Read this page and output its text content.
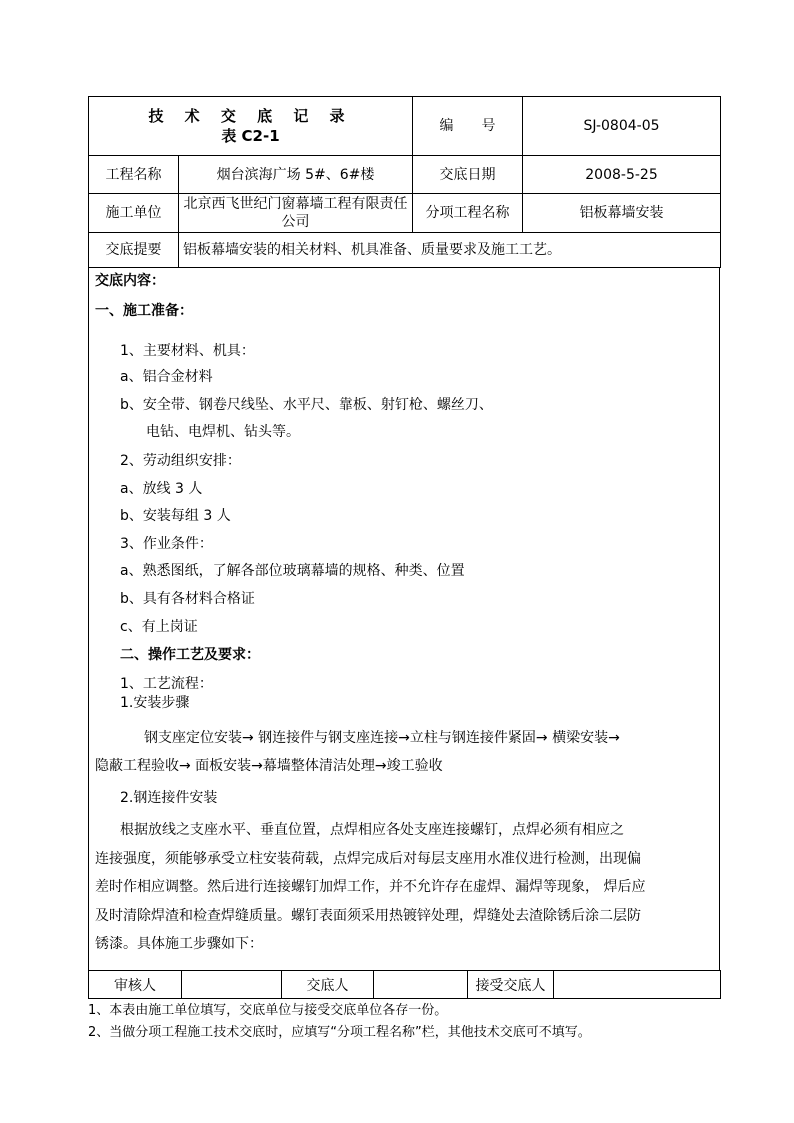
技 术 交 底 记 录
表 C2-1		编　　号	SJ-0804-05
工程名称	烟台滨海广场 5#、6#楼	交底日期	2008-5-25
施工单位	北京西飞世纪门窗幕墙工程有限责任公司	分项工程名称	铝板幕墙安装
交底提要	铝板幕墙安装的相关材料、机具准备、质量要求及施工工艺。		
交底内容：
一、施工准备：
1、主要材料、机具：
a、铝合金材料
b、安全带、钢卷尺线坠、水平尺、靠板、射钉枪、螺丝刀、
电钻、电焊机、钻头等。
2、劳动组织安排：
a、放线 3 人
b、安装每组 3 人
3、作业条件：
a、熟悉图纸，了解各部位玻璃幕墙的规格、种类、位置
b、具有各材料合格证
c、有上岗证
二、操作工艺及要求：
1、工艺流程：
1.安装步骤
钢支座定位安装→ 钢连接件与钢支座连接→立柱与钢连接件紧固→ 横梁安装→
隐蔽工程验收→ 面板安装→幕墙整体清洁处理→竣工验收
2.钢连接件安装
根据放线之支座水平、垂直位置，点焊相应各处支座连接螺钉，点焊必须有相应之
连接强度，须能够承受立柱安装荷载，点焊完成后对每层支座用水准仪进行检测，出现偏
差时作相应调整。然后进行连接螺钉加焊工作，并不允许存在虚焊、漏焊等现象， 焊后应
及时清除焊渣和检查焊缝质量。螺钉表面须采用热镀锌处理，焊缝处去渣除锈后涂二层防
锈漆。具体施工步骤如下：
审核人		交底人		接受交底人	
1、本表由施工单位填写，交底单位与接受交底单位各存一份。
2、当做分项工程施工技术交底时，应填写“分项工程名称”栏，其他技术交底可不填写。
